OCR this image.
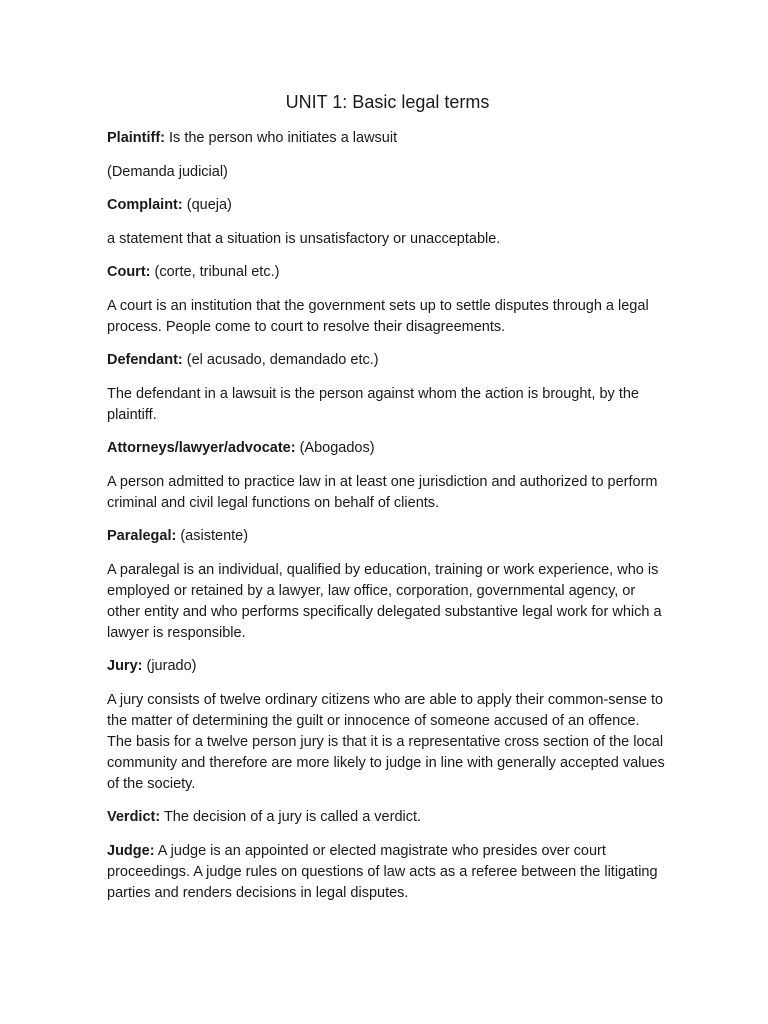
UNIT 1: Basic legal terms

Plaintiff: Is the person who initiates a lawsuit

(Demanda judicial)

Complaint: (queja)

a statement that a situation is unsatisfactory or unacceptable.

Court: (corte, tribunal etc.)

A court is an institution that the government sets up to settle disputes through a legal process. People come to court to resolve their disagreements.

Defendant: (el acusado, demandado etc.)

The defendant in a lawsuit is the person against whom the action is brought, by the plaintiff.

Attorneys/lawyer/advocate: (Abogados)

A person admitted to practice law in at least one jurisdiction and authorized to perform criminal and civil legal functions on behalf of clients.

Paralegal: (asistente)

A paralegal is an individual, qualified by education, training or work experience, who is employed or retained by a lawyer, law office, corporation, governmental agency, or other entity and who performs specifically delegated substantive legal work for which a lawyer is responsible.

Jury: (jurado)

A jury consists of twelve ordinary citizens who are able to apply their common-sense to the matter of determining the guilt or innocence of someone accused of an offence. The basis for a twelve person jury is that it is a representative cross section of the local community and therefore are more likely to judge in line with generally accepted values of the society.

Verdict: The decision of a jury is called a verdict.

Judge: A judge is an appointed or elected magistrate who presides over court proceedings. A judge rules on questions of law acts as a referee between the litigating parties and renders decisions in legal disputes.
